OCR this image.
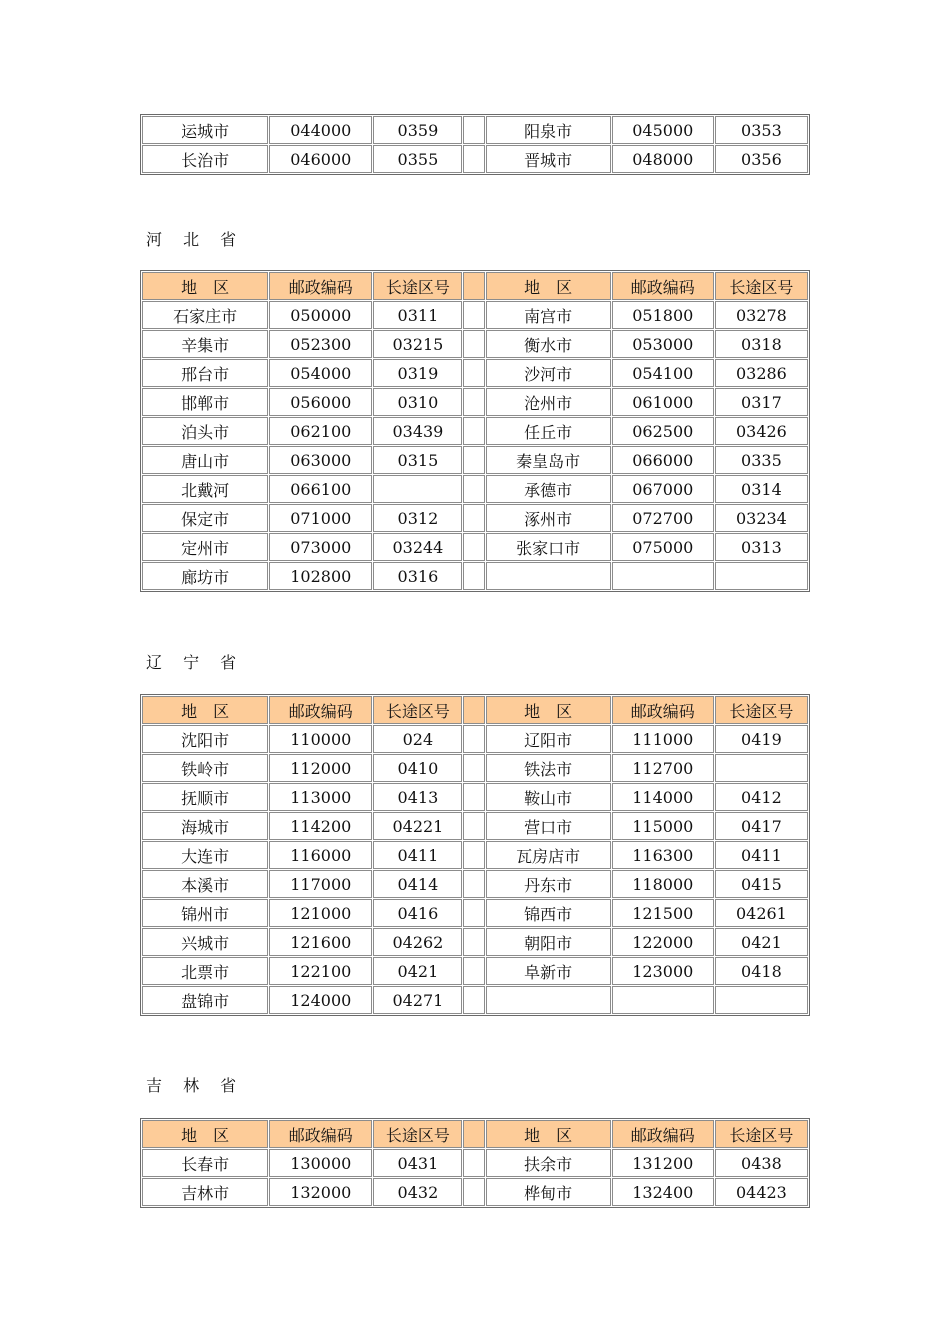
运城市	044000	0359		阳泉市	045000	0353
长治市	046000	0355		晋城市	048000	0356
河 北 省
地　区	邮政编码	长途区号		地　区	邮政编码	长途区号
石家庄市	050000	0311		南宫市	051800	03278
辛集市	052300	03215		衡水市	053000	0318
邢台市	054000	0319		沙河市	054100	03286
邯郸市	056000	0310		沧州市	061000	0317
泊头市	062100	03439		任丘市	062500	03426
唐山市	063000	0315		秦皇岛市	066000	0335
北戴河	066100			承德市	067000	0314
保定市	071000	0312		涿州市	072700	03234
定州市	073000	03244		张家口市	075000	0313
廊坊市	102800	0316				
辽 宁 省
地　区	邮政编码	长途区号		地　区	邮政编码	长途区号
沈阳市	110000	024		辽阳市	111000	0419
铁岭市	112000	0410		铁法市	112700	
抚顺市	113000	0413		鞍山市	114000	0412
海城市	114200	04221		营口市	115000	0417
大连市	116000	0411		瓦房店市	116300	0411
本溪市	117000	0414		丹东市	118000	0415
锦州市	121000	0416		锦西市	121500	04261
兴城市	121600	04262		朝阳市	122000	0421
北票市	122100	0421		阜新市	123000	0418
盘锦市	124000	04271				
吉 林 省
地　区	邮政编码	长途区号		地　区	邮政编码	长途区号
长春市	130000	0431		扶余市	131200	0438
吉林市	132000	0432		桦甸市	132400	04423
